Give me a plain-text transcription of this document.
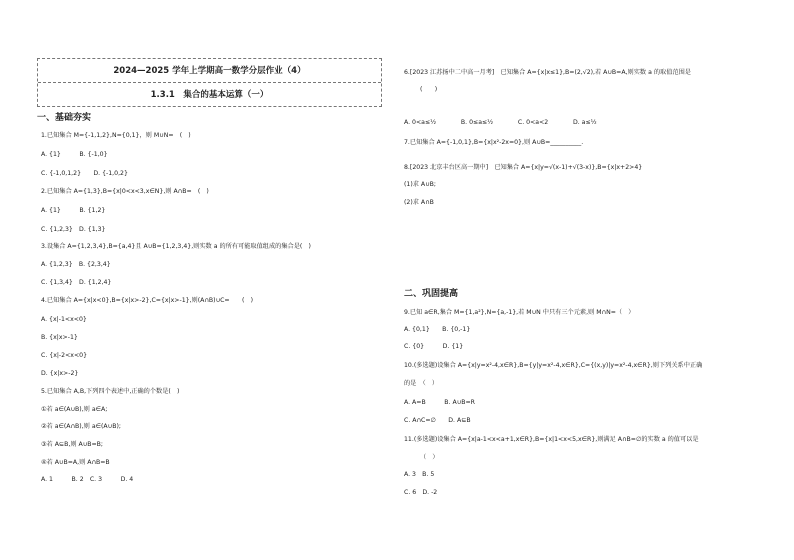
2024—2025 学年上学期高一数学分层作业（4）
1.3.1　集合的基本运算（一）
一、基础夯实
1.已知集合 M={-1,1,2},N={0,1}，则 M∪N=　(　)
A. {1}　　　B. {-1,0}
C. {-1,0,1,2}　　D. {-1,0,2}
2.已知集合 A={1,3},B={x|0<x<3,x∈N},则 A∩B=　(　)
A. {1}　　　B. {1,2}
C. {1,2,3}　D. {1,3}
3.设集合 A={1,2,3,4},B={a,4}且 A∪B={1,2,3,4},则实数 a 的所有可能取值组成的集合是(　)
A. {1,2,3}　B. {2,3,4}
C. {1,3,4}　D. {1,2,4}
4.已知集合 A={x|x<0},B={x|x>-2},C={x|x>-1},则(A∩B)∪C=　　(　)
A. {x|-1<x<0}
B. {x|x>-1}
C. {x|-2<x<0}
D. {x|x>-2}
5.已知集合 A,B,下列四个表述中,正确的个数是(　)
①若 a∈(A∪B),则 a∈A;
②若 a∈(A∩B),则 a∈(A∪B);
③若 A⊆B,则 A∪B=B;
④若 A∪B=A,则 A∩B=B
A. 1　　　B. 2　C. 3　　　D. 4
6.[2023 江苏扬中二中高一月考]　已知集合 A={x|x≤1},B=(2,√2),若 A∪B=A,则实数 a 的取值范围是
(　　)
A. 0<a≤½　　　　B. 0≤a≤½　　　　C. 0<a<2　　　　D. a≤½
7.已知集合 A={-1,0,1},B={x|x²-2x=0},则 A∪B=__________.
8.[2023 北京丰台区高一期中]　已知集合 A={x|y=√(x-1)+√(3-x)},B={x|x+2>4}
(1)求 A∪B;
(2)求 A∩B
二、巩固提高
9.已知 a∈R,集合 M={1,a²},N={a,-1},若 M∪N 中只有三个元素,则 M∩N=（　）
A. {0,1}　　B. {0,-1}
C. {0}　　　D. {1}
10.(多选题)设集合 A={x|y=x²-4,x∈R},B={y|y=x²-4,x∈R},C={(x,y)|y=x²-4,x∈R},则下列关系中正确
的是　（　）
A. A=B　　　B. A∪B=R
C. A∩C=∅　　D. A⊆B
11.(多选题)设集合 A={x|a-1<x<a+1,x∈R},B={x|1<x<5,x∈R},则满足 A∩B=∅的实数 a 的值可以是
（　）
A. 3　B. 5
C. 6　D. -2
